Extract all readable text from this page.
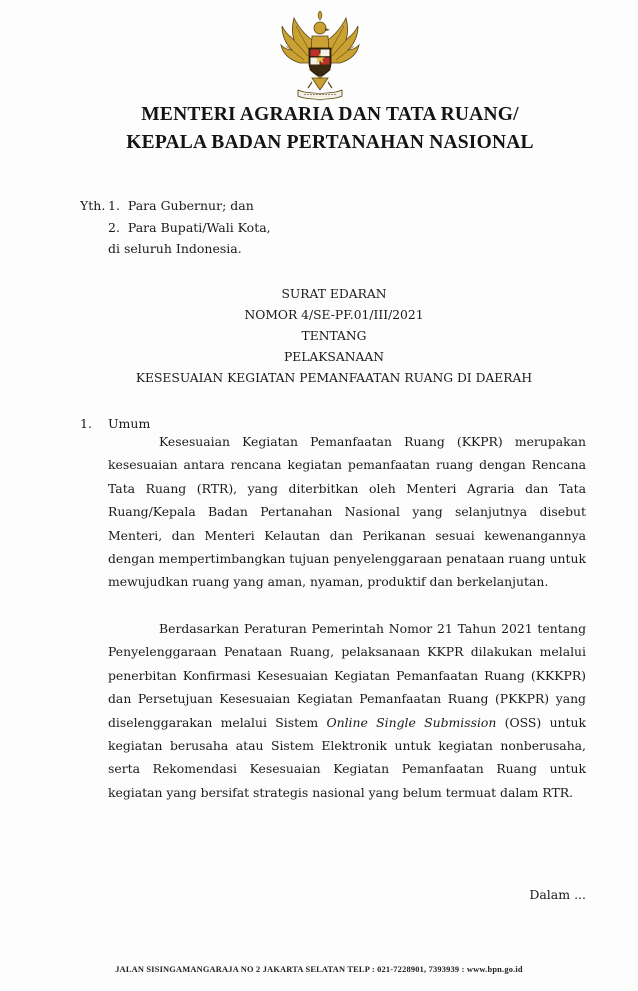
MENTERI AGRARIA DAN TATA RUANG/
KEPALA BADAN PERTANAHAN NASIONAL
Yth. 1.  Para Gubernur; dan
2.  Para Bupati/Wali Kota,
di seluruh Indonesia.
SURAT EDARAN
NOMOR 4/SE-PF.01/III/2021
TENTANG
PELAKSANAAN
KESESUAIAN KEGIATAN PEMANFAATAN RUANG DI DAERAH
1. Umum
Kesesuaian Kegiatan Pemanfaatan Ruang (KKPR) merupakan kesesuaian antara rencana kegiatan pemanfaatan ruang dengan Rencana Tata Ruang (RTR), yang diterbitkan oleh Menteri Agraria dan Tata Ruang/Kepala Badan Pertanahan Nasional yang selanjutnya disebut Menteri, dan Menteri Kelautan dan Perikanan sesuai kewenangannya dengan mempertimbangkan tujuan penyelenggaraan penataan ruang untuk mewujudkan ruang yang aman, nyaman, produktif dan berkelanjutan.
Berdasarkan Peraturan Pemerintah Nomor 21 Tahun 2021 tentang Penyelenggaraan Penataan Ruang, pelaksanaan KKPR dilakukan melalui penerbitan Konfirmasi Kesesuaian Kegiatan Pemanfaatan Ruang (KKKPR) dan Persetujuan Kesesuaian Kegiatan Pemanfaatan Ruang (PKKPR) yang diselenggarakan melalui Sistem Online Single Submission (OSS) untuk kegiatan berusaha atau Sistem Elektronik untuk kegiatan nonberusaha, serta Rekomendasi Kesesuaian Kegiatan Pemanfaatan Ruang untuk kegiatan yang bersifat strategis nasional yang belum termuat dalam RTR.
Dalam ...
JALAN SISINGAMANGARAJA NO 2 JAKARTA SELATAN TELP : 021-7228901, 7393939 : www.bpn.go.id
